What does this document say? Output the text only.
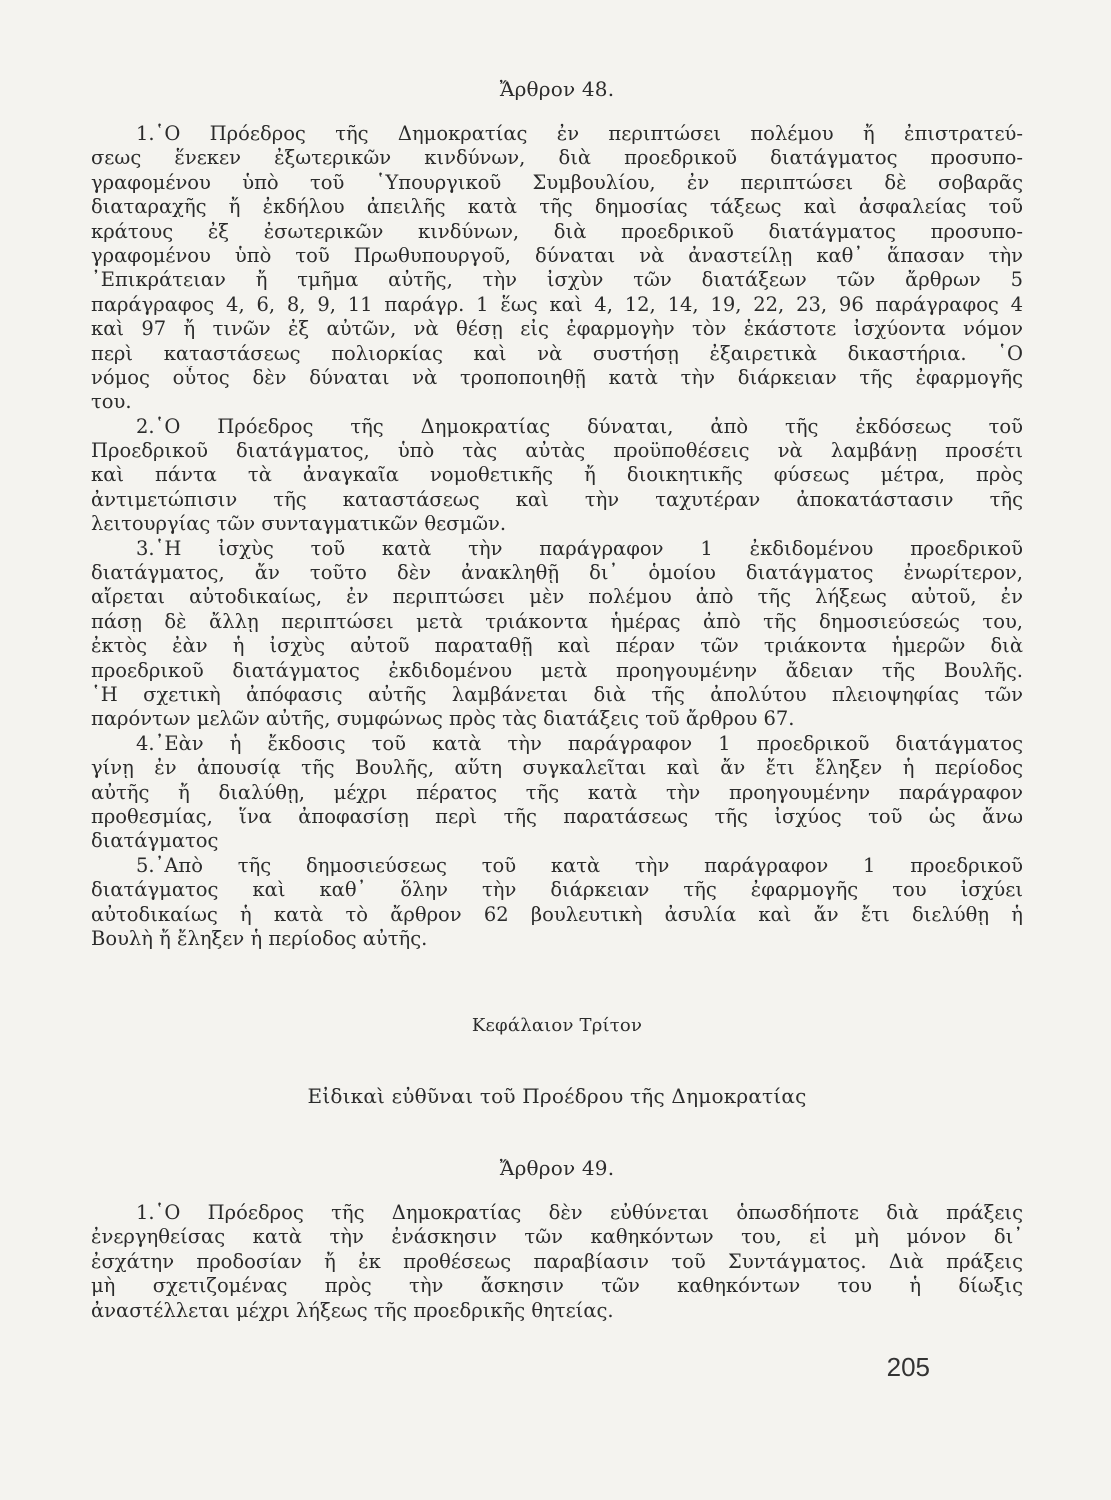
Ἄρθρον 48.
1.῾Ο Πρόεδρος τῆς Δημοκρατίας ἐν περιπτώσει πολέμου ἤ ἐπιστρατεύ-
σεως ἕνεκεν ἐξωτερικῶν κινδύνων, διὰ προεδρικοῦ διατάγματος προσυπο-
γραφομένου ὑπὸ τοῦ ῾Υπουργικοῦ Συμβουλίου, ἐν περιπτώσει δὲ σοβαρᾶς
διαταραχῆς ἤ ἐκδήλου ἀπειλῆς κατὰ τῆς δημοσίας τάξεως καὶ ἀσφαλείας τοῦ
κράτους ἐξ ἐσωτερικῶν κινδύνων, διὰ προεδρικοῦ διατάγματος προσυπο-
γραφομένου ὑπὸ τοῦ Πρωθυπουργοῦ, δύναται νὰ ἀναστείλῃ καθ᾽ ἅπασαν τὴν
᾽Επικράτειαν ἤ τμῆμα αὐτῆς, τὴν ἰσχὺν τῶν διατάξεων τῶν ἄρθρων 5
παράγραφος 4, 6, 8, 9, 11 παράγρ. 1 ἕως καὶ 4, 12, 14, 19, 22, 23, 96 παράγραφος 4
καὶ 97 ἤ τινῶν ἐξ αὐτῶν, νὰ θέσῃ εἰς ἐφαρμογὴν τὸν ἑκάστοτε ἰσχύοντα νόμον
περὶ καταστάσεως πολιορκίας καὶ νὰ συστήσῃ ἐξαιρετικὰ δικαστήρια. ῾Ο
νόμος οὗτος δὲν δύναται νὰ τροποποιηθῇ κατὰ τὴν διάρκειαν τῆς ἐφαρμογῆς
του.
2.῾Ο Πρόεδρος τῆς Δημοκρατίας δύναται, ἀπὸ τῆς ἐκδόσεως τοῦ
Προεδρικοῦ διατάγματος, ὑπὸ τὰς αὐτὰς προϋποθέσεις νὰ λαμβάνῃ προσέτι
καὶ πάντα τὰ ἀναγκαῖα νομοθετικῆς ἤ διοικητικῆς φύσεως μέτρα, πρὸς
ἀντιμετώπισιν τῆς καταστάσεως καὶ τὴν ταχυτέραν ἀποκατάστασιν τῆς
λειτουργίας τῶν συνταγματικῶν θεσμῶν.
3.῾Η ἰσχὺς τοῦ κατὰ τὴν παράγραφον 1 ἐκδιδομένου προεδρικοῦ
διατάγματος, ἄν τοῦτο δὲν ἀνακληθῇ δι᾽ ὁμοίου διατάγματος ἐνωρίτερον,
αἴρεται αὐτοδικαίως, ἐν περιπτώσει μὲν πολέμου ἀπὸ τῆς λήξεως αὐτοῦ, ἐν
πάσῃ δὲ ἄλλῃ περιπτώσει μετὰ τριάκοντα ἡμέρας ἀπὸ τῆς δημοσιεύσεώς του,
ἐκτὸς ἐὰν ἡ ἰσχὺς αὐτοῦ παραταθῇ καὶ πέραν τῶν τριάκοντα ἡμερῶν διὰ
προεδρικοῦ διατάγματος ἐκδιδομένου μετὰ προηγουμένην ἄδειαν τῆς Βουλῆς.
῾Η σχετικὴ ἀπόφασις αὐτῆς λαμβάνεται διὰ τῆς ἀπολύτου πλειοψηφίας τῶν
παρόντων μελῶν αὐτῆς, συμφώνως πρὸς τὰς διατάξεις τοῦ ἄρθρου 67.
4.᾽Εὰν ἡ ἔκδοσις τοῦ κατὰ τὴν παράγραφον 1 προεδρικοῦ διατάγματος
γίνῃ ἐν ἀπουσίᾳ τῆς Βουλῆς, αὕτη συγκαλεῖται καὶ ἄν ἔτι ἔληξεν ἡ περίοδος
αὐτῆς ἤ διαλύθῃ, μέχρι πέρατος τῆς κατὰ τὴν προηγουμένην παράγραφον
προθεσμίας, ἵνα ἀποφασίσῃ περὶ τῆς παρατάσεως τῆς ἰσχύος τοῦ ὡς ἄνω
διατάγματος
5.᾽Απὸ τῆς δημοσιεύσεως τοῦ κατὰ τὴν παράγραφον 1 προεδρικοῦ
διατάγματος καὶ καθ᾽ ὅλην τὴν διάρκειαν τῆς ἐφαρμογῆς του ἰσχύει
αὐτοδικαίως ἡ κατὰ τὸ ἄρθρον 62 βουλευτικὴ ἀσυλία καὶ ἄν ἔτι διελύθῃ ἡ
Βουλὴ ἤ ἔληξεν ἡ περίοδος αὐτῆς.
Κεφάλαιον Τρίτον
Εἰδικαὶ εὐθῦναι τοῦ Προέδρου τῆς Δημοκρατίας
Ἄρθρον 49.
1.῾Ο Πρόεδρος τῆς Δημοκρατίας δὲν εὐθύνεται ὁπωσδήποτε διὰ πράξεις
ἐνεργηθείσας κατὰ τὴν ἐνάσκησιν τῶν καθηκόντων του, εἰ μὴ μόνον δι᾽
ἐσχάτην προδοσίαν ἤ ἐκ προθέσεως παραβίασιν τοῦ Συντάγματος. Διὰ πράξεις
μὴ σχετιζομένας πρὸς τὴν ἄσκησιν τῶν καθηκόντων του ἡ δίωξις
ἀναστέλλεται μέχρι λήξεως τῆς προεδρικῆς θητείας.
205
